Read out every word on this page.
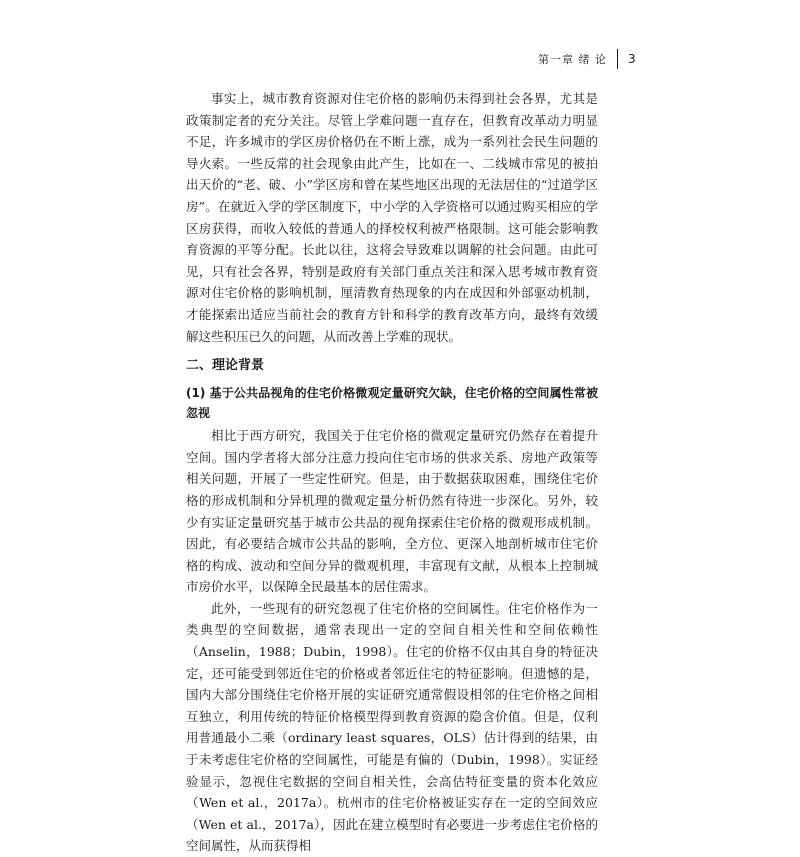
第一章 绪 论 3

事实上，城市教育资源对住宅价格的影响仍未得到社会各界，尤其是政策制定者的充分关注。尽管上学难问题一直存在，但教育改革动力明显不足，许多城市的学区房价格仍在不断上涨，成为一系列社会民生问题的导火索。一些反常的社会现象由此产生，比如在一、二线城市常见的被拍出天价的“老、破、小”学区房和曾在某些地区出现的无法居住的“过道学区房”。在就近入学的学区制度下，中小学的入学资格可以通过购买相应的学区房获得，而收入较低的普通人的择校权利被严格限制。这可能会影响教育资源的平等分配。长此以往，这将会导致难以调解的社会问题。由此可见，只有社会各界，特别是政府有关部门重点关注和深入思考城市教育资源对住宅价格的影响机制，厘清教育热现象的内在成因和外部驱动机制，才能探索出适应当前社会的教育方针和科学的教育改革方向，最终有效缓解这些积压已久的问题，从而改善上学难的现状。

二、理论背景
(1) 基于公共品视角的住宅价格微观定量研究欠缺，住宅价格的空间属性常被忽视

相比于西方研究，我国关于住宅价格的微观定量研究仍然存在着提升空间。国内学者将大部分注意力投向住宅市场的供求关系、房地产政策等相关问题，开展了一些定性研究。但是，由于数据获取困难，围绕住宅价格的形成机制和分异机理的微观定量分析仍然有待进一步深化。另外，较少有实证定量研究基于城市公共品的视角探索住宅价格的微观形成机制。因此，有必要结合城市公共品的影响，全方位、更深入地剖析城市住宅价格的构成、波动和空间分异的微观机理，丰富现有文献，从根本上控制城市房价水平，以保障全民最基本的居住需求。

此外，一些现有的研究忽视了住宅价格的空间属性。住宅价格作为一类典型的空间数据，通常表现出一定的空间自相关性和空间依赖性（Anselin，1988；Dubin，1998）。住宅的价格不仅由其自身的特征决定，还可能受到邻近住宅的价格或者邻近住宅的特征影响。但遗憾的是，国内大部分围绕住宅价格开展的实证研究通常假设相邻的住宅价格之间相互独立，利用传统的特征价格模型得到教育资源的隐含价值。但是，仅利用普通最小二乘（ordinary least squares，OLS）估计得到的结果，由于未考虑住宅价格的空间属性，可能是有偏的（Dubin，1998）。实证经验显示，忽视住宅数据的空间自相关性，会高估特征变量的资本化效应（Wen et al.，2017a）。杭州市的住宅价格被证实存在一定的空间效应（Wen et al.，2017a），因此在建立模型时有必要进一步考虑住宅价格的空间属性，从而获得相
